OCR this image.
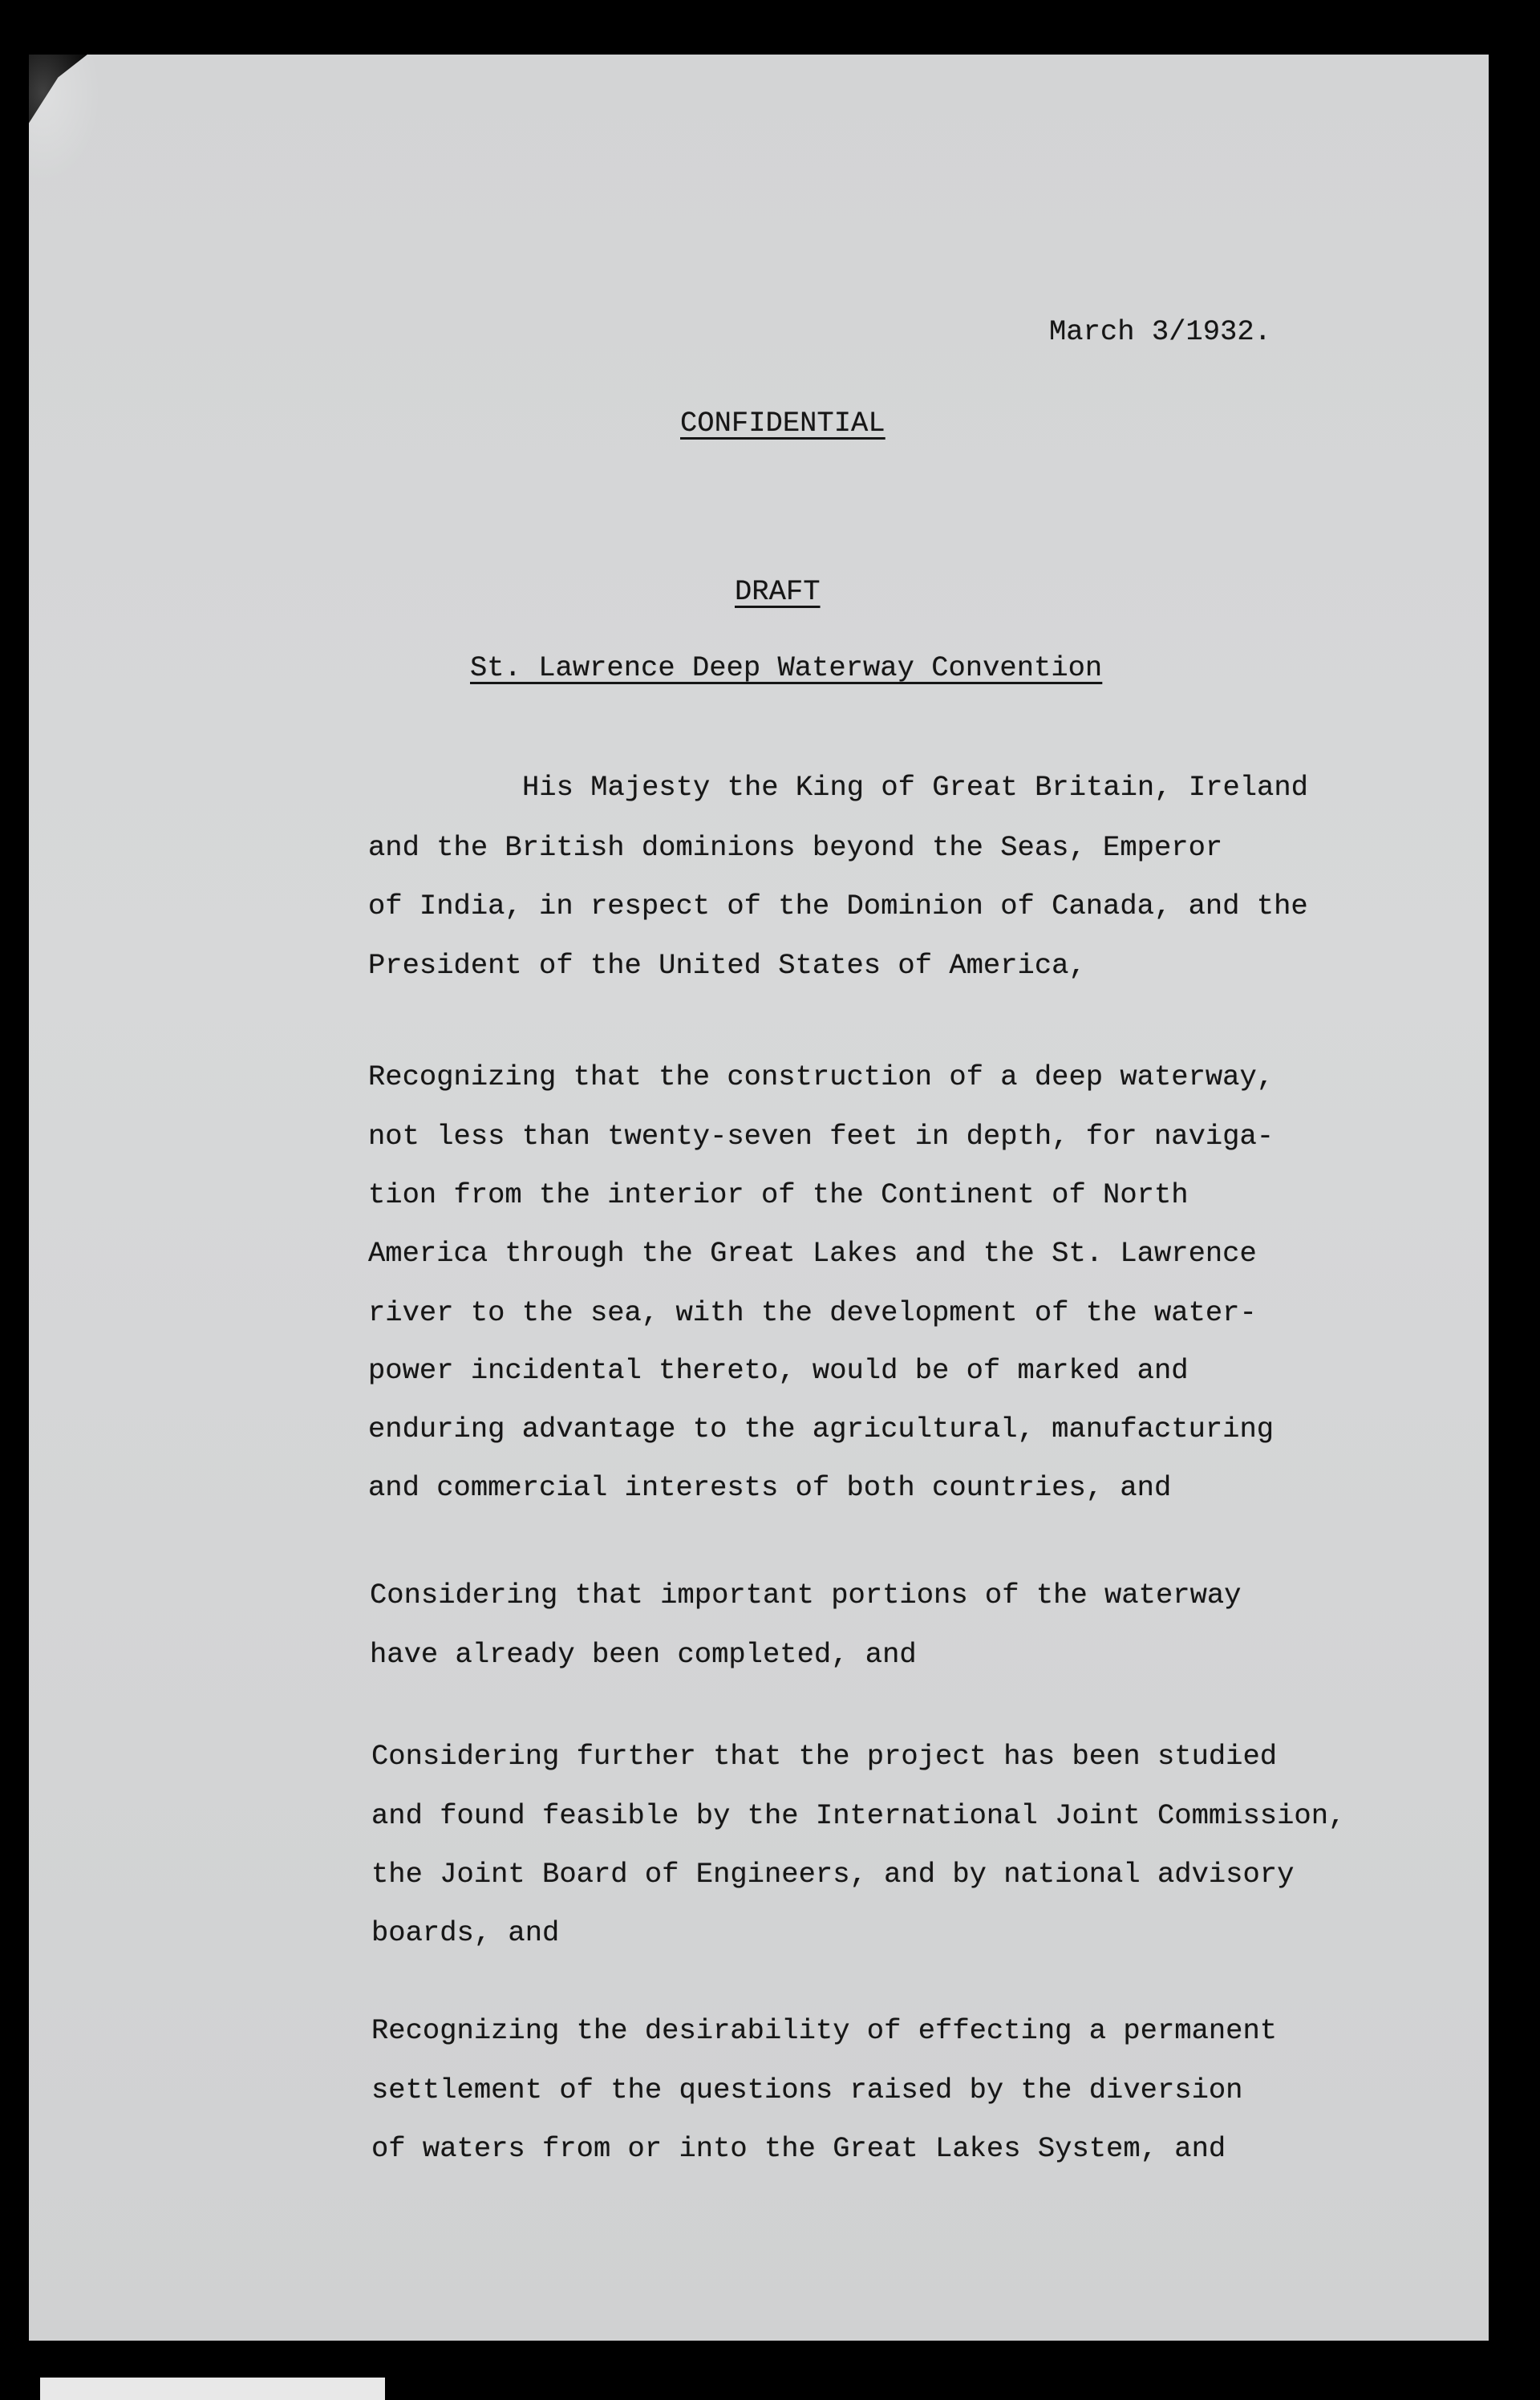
March 3/1932.
CONFIDENTIAL
DRAFT
St. Lawrence Deep Waterway Convention
His Majesty the King of Great Britain, Ireland
and the British dominions beyond the Seas, Emperor
of India, in respect of the Dominion of Canada, and the
President of the United States of America,
Recognizing that the construction of a deep waterway,
not less than twenty-seven feet in depth, for naviga-
tion from the interior of the Continent of North
America through the Great Lakes and the St. Lawrence
river to the sea, with the development of the water-
power incidental thereto, would be of marked and
enduring advantage to the agricultural, manufacturing
and commercial interests of both countries, and
Considering that important portions of the waterway
have already been completed, and
Considering further that the project has been studied
and found feasible by the International Joint Commission,
the Joint Board of Engineers, and by national advisory
boards, and
Recognizing the desirability of effecting a permanent
settlement of the questions raised by the diversion
of waters from or into the Great Lakes System, and
